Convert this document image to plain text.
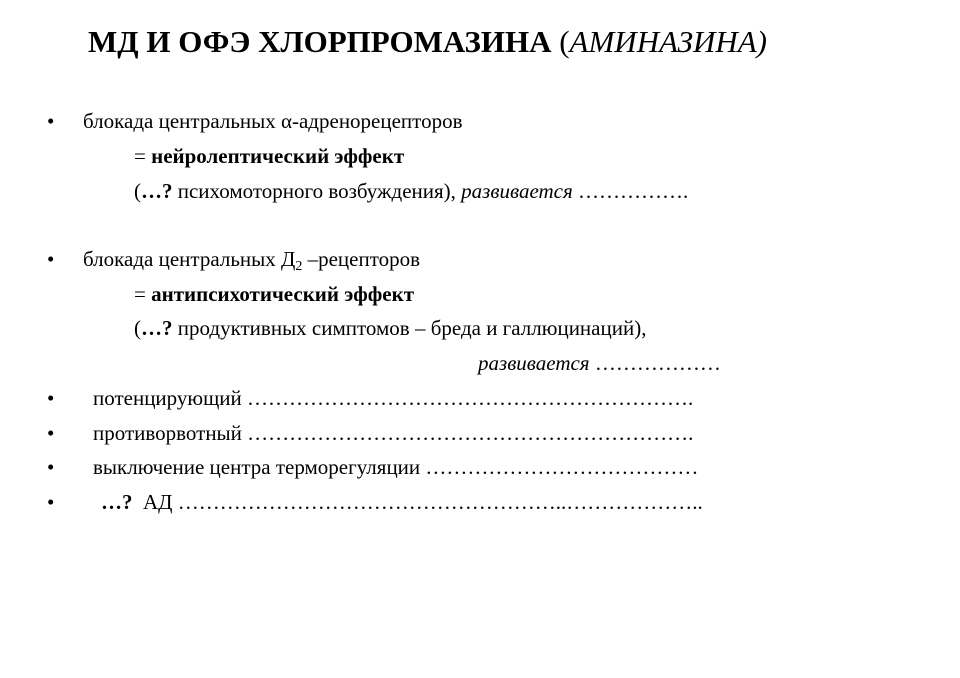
МД И ОФЭ ХЛОРПРОМАЗИНА (АМИНАЗИНА)
• блокада центральных α-адренорецепторов
= нейролептический эффект
(…? психомоторного возбуждения), развивается …………….
• блокада центральных $Д_2$ –рецепторов
= антипсихотический эффект
(…? продуктивных симптомов – бреда и галлюцинаций),
развивается ………………
• потенцирующий ……………………………………………………….
• противорвотный ……………………………………………………….
• выключение центра терморегуляции …………………………………
• …?  АД ………………………………………………..………………..
